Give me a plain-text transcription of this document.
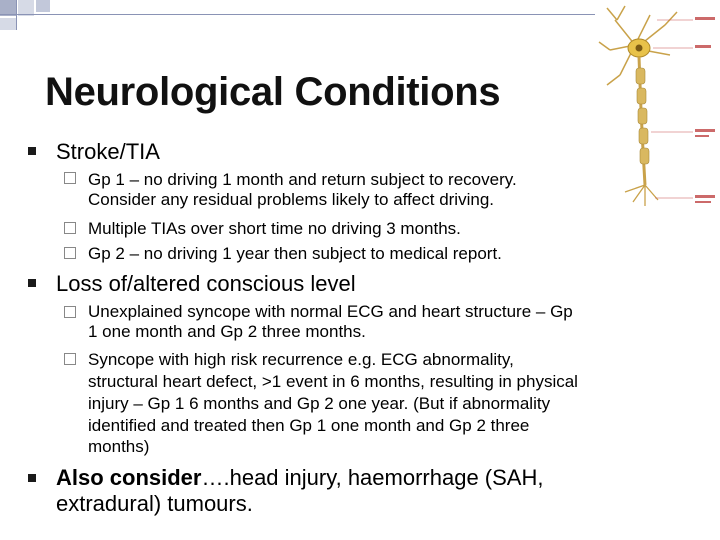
Neurological Conditions
Stroke/TIA
Gp 1 – no driving 1 month and return subject to recovery.
Consider any residual problems likely to affect driving.
Multiple TIAs over short time no driving 3 months.
Gp 2 – no driving 1 year then subject to medical report.
Loss of/altered conscious level
Unexplained syncope with normal ECG and heart structure – Gp
1 one month and Gp 2 three months.
Syncope with high risk recurrence e.g. ECG abnormality,
structural heart defect, >1 event in 6 months, resulting in physical
injury – Gp 1 6 months and Gp 2 one year. (But if abnormality
identified and treated then Gp 1 one month and Gp 2 three
months)
Also consider….head injury, haemorrhage (SAH,
extradural) tumours.
